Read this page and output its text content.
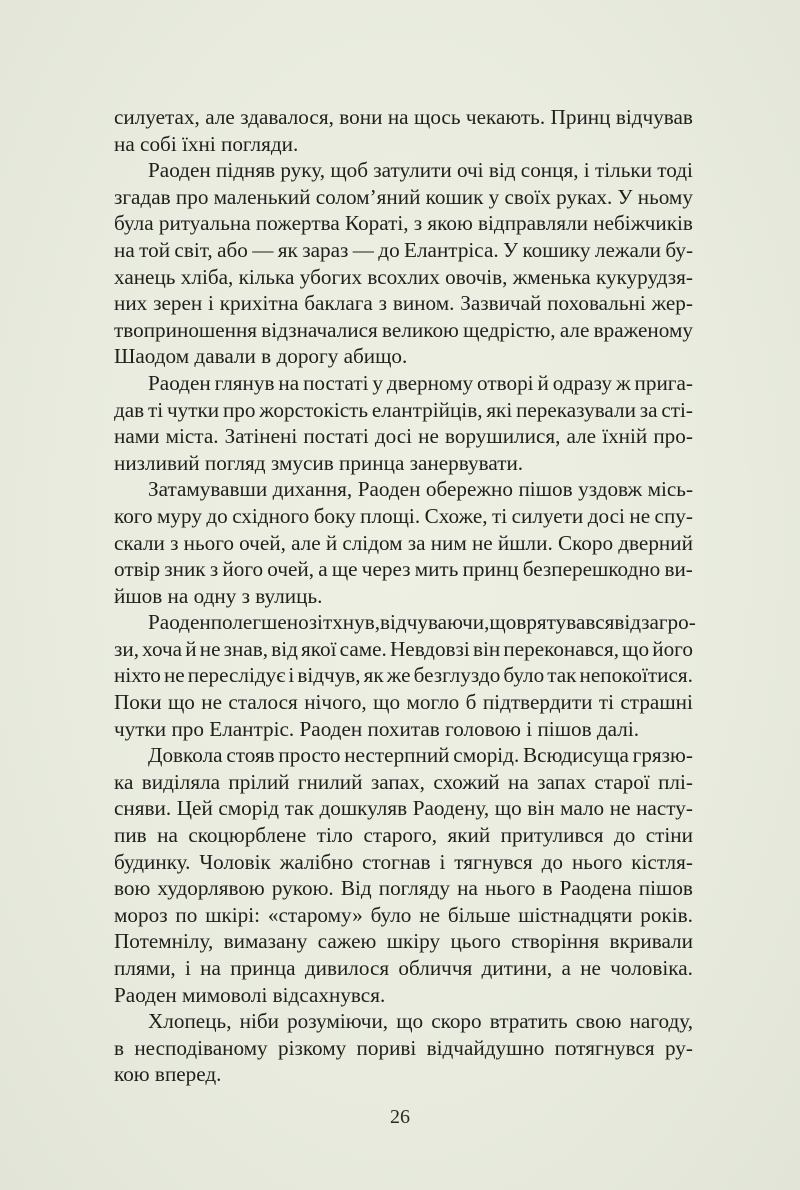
силуетах, але здавалося, вони на щось чекають. Принц відчував
на собі їхні погляди.
Раоден підняв руку, щоб затулити очі від сонця, і тільки тоді
згадав про маленький солом’яний кошик у своїх руках. У ньому
була ритуальна пожертва Кораті, з якою відправляли небіжчиків
на той світ, або — як зараз — до Елантріса. У кошику лежали бу-
ханець хліба, кілька убогих всохлих овочів, жменька кукурудзя-
них зерен і крихітна баклага з вином. Зазвичай поховальні жер-
твоприношення відзначалися великою щедрістю, але враженому
Шаодом давали в дорогу абищо.
Раоден глянув на постаті у дверному отворі й одразу ж пригa-
дав ті чутки про жорстокість елантрійців, які переказували за сті-
нами міста. Затінені постаті досі не ворушилися, але їхній про-
низливий погляд змусив принца занервувати.
Затамувавши дихання, Раоден обережно пішов уздовж місь-
кого муру до східного боку площі. Схоже, ті силуети досі не спу-
скали з нього очей, але й слідом за ним не йшли. Скоро дверний
отвір зник з його очей, а ще через мить принц безперешкодно ви-
йшов на одну з вулиць.
Раоден полегшено зітхнув, відчуваючи, що врятувався від загро-
зи, хоча й не знав, від якої саме. Невдовзі він переконався, що його
ніхто не переслідує і відчув, як же безглуздо було так непокоїтися.
Поки що не сталося нічого, що могло б підтвердити ті страшні
чутки про Елантріс. Раоден похитав головою і пішов далі.
Довкола стояв просто нестерпний сморід. Всюдисуща грязю-
ка виділяла прілий гнилий запах, схожий на запах старої плі-
сняви. Цей сморід так дошкуляв Раодену, що він мало не насту-
пив на скоцюрблене тіло старого, який притулився до стіни
будинку. Чоловік жалібно стогнав і тягнувся до нього кістля-
вою худорлявою рукою. Від погляду на нього в Раодена пішов
мороз по шкірі: «старому» було не більше шістнадцяти років.
Потемнілу, вимазану сажею шкіру цього створіння вкривали
плями, і на принца дивилося обличчя дитини, а не чоловіка.
Раоден мимоволі відсахнувся.
Хлопець, ніби розуміючи, що скоро втратить свою нагоду,
в несподіваному різкому пориві відчайдушно потягнувся ру-
кою вперед.
26
